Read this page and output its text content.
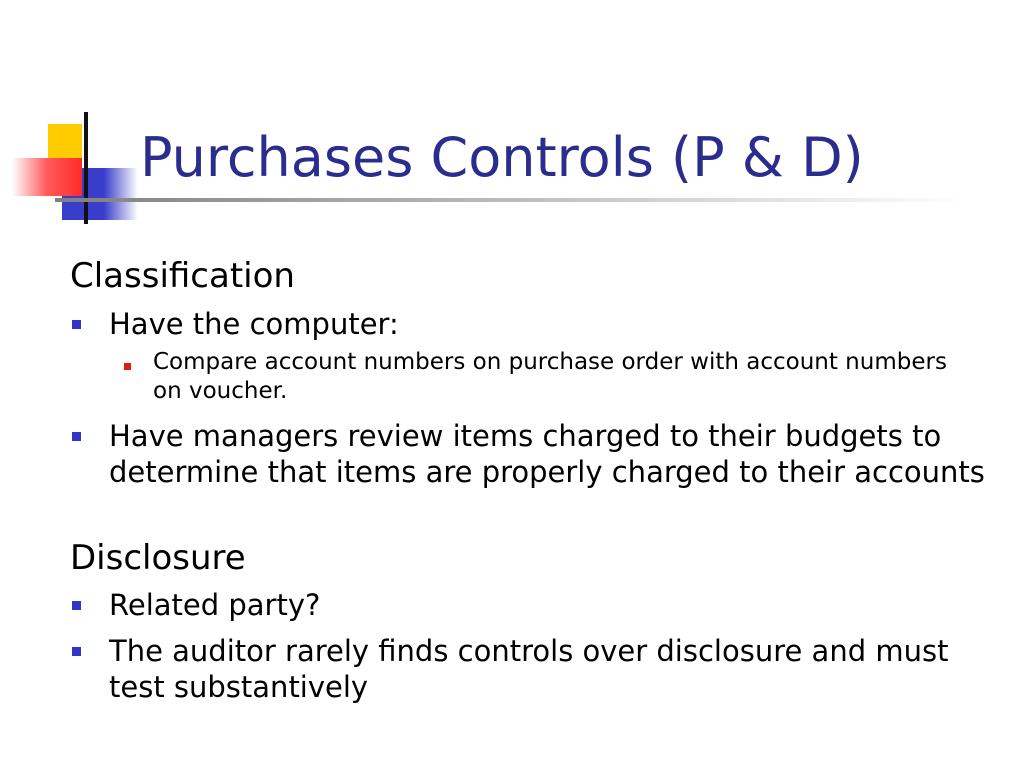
Purchases Controls (P & D)
Classification
Have the computer:
Compare account numbers on purchase order with account numbers on voucher.
Have managers review items charged to their budgets to determine that items are properly charged to their accounts
Disclosure
Related party?
The auditor rarely finds controls over disclosure and must test substantively
